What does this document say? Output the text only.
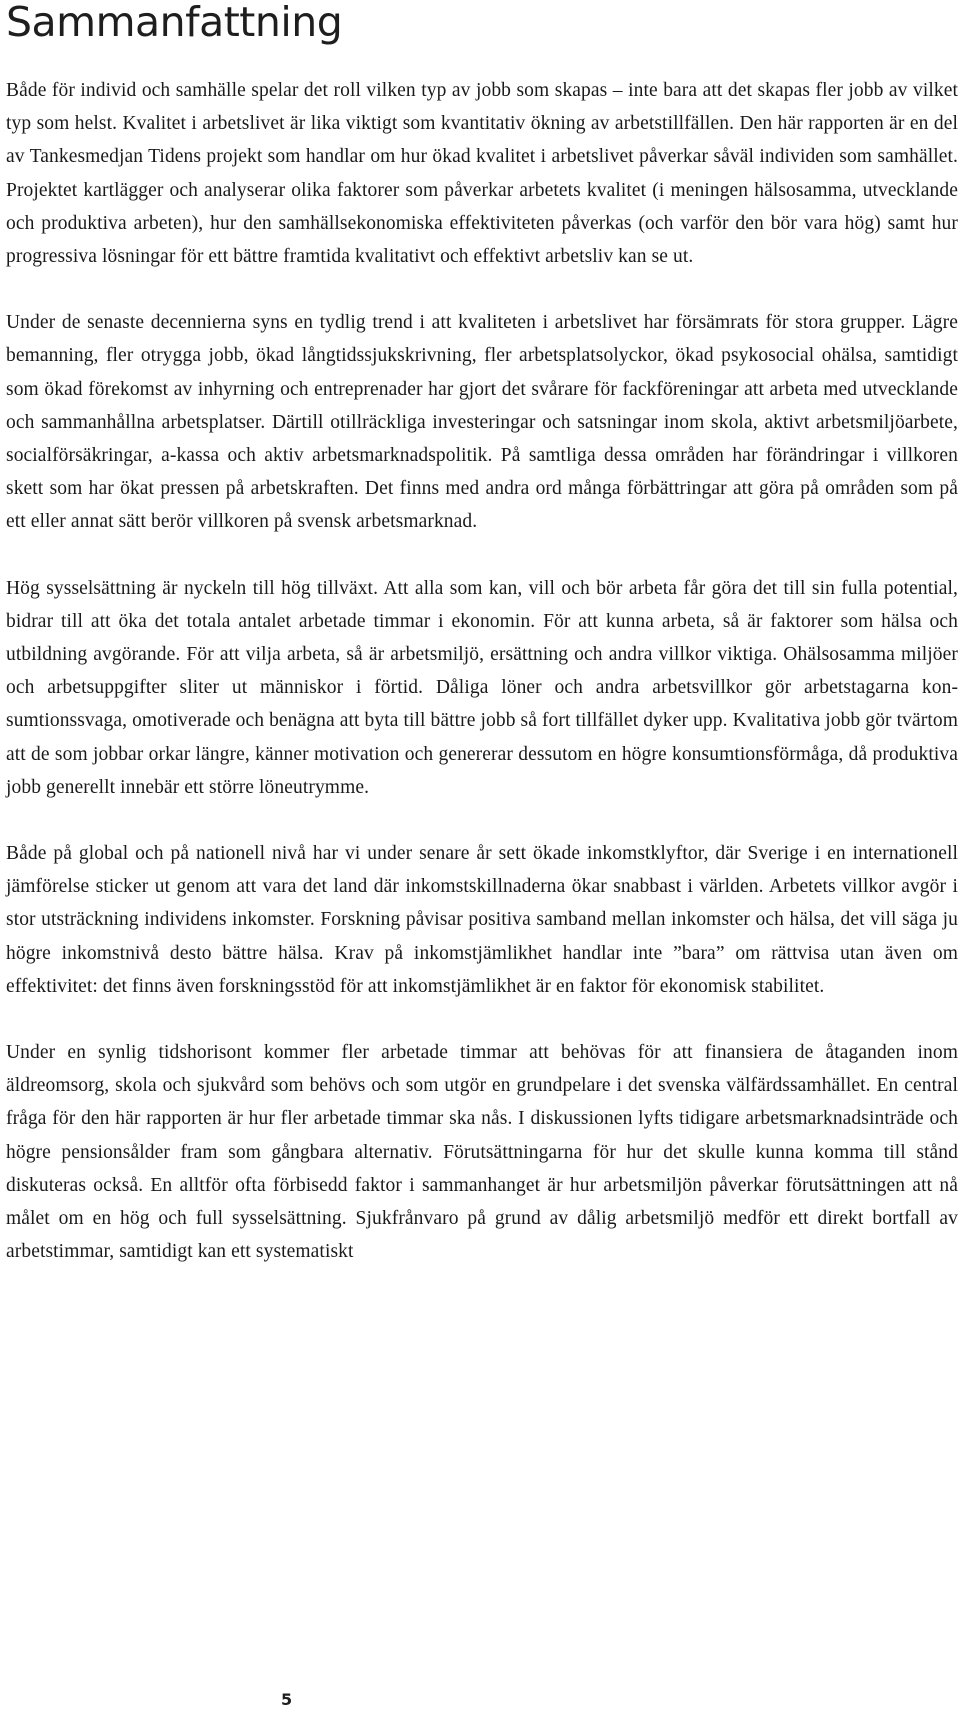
Sammanfattning

Både för individ och samhälle spelar det roll vilken typ av jobb som skapas – inte bara att det skapas fler jobb av vilket typ som helst. Kvalitet i arbetslivet är lika viktigt som kvantitativ ökning av arbetstillfällen. Den här rapporten är en del av Tankesmedjan Tidens projekt som handlar om hur ökad kvalitet i arbetslivet påverkar såväl individen som samhället. Projektet kartlägger och analyserar olika faktorer som påverkar arbetets kvalitet (i meningen hälsosamma, utvecklande och produktiva arbeten), hur den samhällsekonomiska effektiviteten påverkas (och varför den bör vara hög) samt hur progressiva lösningar för ett bättre framtida kvalitativt och effektivt arbetsliv kan se ut.

Under de senaste decennierna syns en tydlig trend i att kvaliteten i arbetslivet har försämrats för stora grupper. Lägre bemanning, fler otrygga jobb, ökad långtidssjukskrivning, fler arbetsplatsolyckor, ökad psykosocial ohälsa, samtidigt som ökad förekomst av inhyrning och entreprenader har gjort det svårare för fackföreningar att arbeta med utvecklande och sammanhållna arbetsplatser. Därtill otillräckliga investeringar och satsningar inom skola, aktivt arbetsmiljöarbete, socialförsäkringar, a-kassa och aktiv arbetsmarknadspolitik. På samtliga dessa områden har förändringar i villkoren skett som har ökat pressen på arbetskraften. Det finns med andra ord många förbättringar att göra på områden som på ett eller annat sätt berör villkoren på svensk arbetsmarknad.

Hög sysselsättning är nyckeln till hög tillväxt. Att alla som kan, vill och bör arbeta får göra det till sin fulla potential, bidrar till att öka det totala antalet arbetade timmar i ekonomin. För att kunna arbeta, så är faktorer som hälsa och utbildning avgörande. För att vilja arbeta, så är arbetsmiljö, ersättning och andra villkor viktiga. Ohälsosamma miljöer och arbetsuppgifter sliter ut människor i förtid. Dåliga löner och andra arbetsvillkor gör arbetstagarna konsumtionssvaga, omotiverade och benägna att byta till bättre jobb så fort tillfället dyker upp. Kvalitativa jobb gör tvärtom att de som jobbar orkar längre, känner motivation och genererar dessutom en högre konsumtionsförmåga, då produktiva jobb generellt innebär ett större löneutrymme.

Både på global och på nationell nivå har vi under senare år sett ökade inkomstklyftor, där Sverige i en internationell jämförelse sticker ut genom att vara det land där inkomstskillnaderna ökar snabbast i världen. Arbetets villkor avgör i stor utsträckning individens inkomster. Forskning påvisar positiva samband mellan inkomster och hälsa, det vill säga ju högre inkomstnivå desto bättre hälsa. Krav på inkomstjämlikhet handlar inte ”bara” om rättvisa utan även om effektivitet: det finns även forskningsstöd för att inkomstjämlikhet är en faktor för ekonomisk stabilitet.

Under en synlig tidshorisont kommer fler arbetade timmar att behövas för att finansiera de åtaganden inom äldreomsorg, skola och sjukvård som behövs och som utgör en grundpelare i det svenska välfärdssamhället. En central fråga för den här rapporten är hur fler arbetade timmar ska nås. I diskussionen lyfts tidigare arbetsmarknadsinträde och högre pensionsålder fram som gångbara alternativ. Förutsättningarna för hur det skulle kunna komma till stånd diskuteras också. En alltför ofta förbisedd faktor i sammanhanget är hur arbetsmiljön påverkar förutsättningen att nå målet om en hög och full sysselsättning. Sjukfrånvaro på grund av dålig arbetsmiljö medför ett direkt bortfall av arbetstimmar, samtidigt kan ett systematiskt

5
